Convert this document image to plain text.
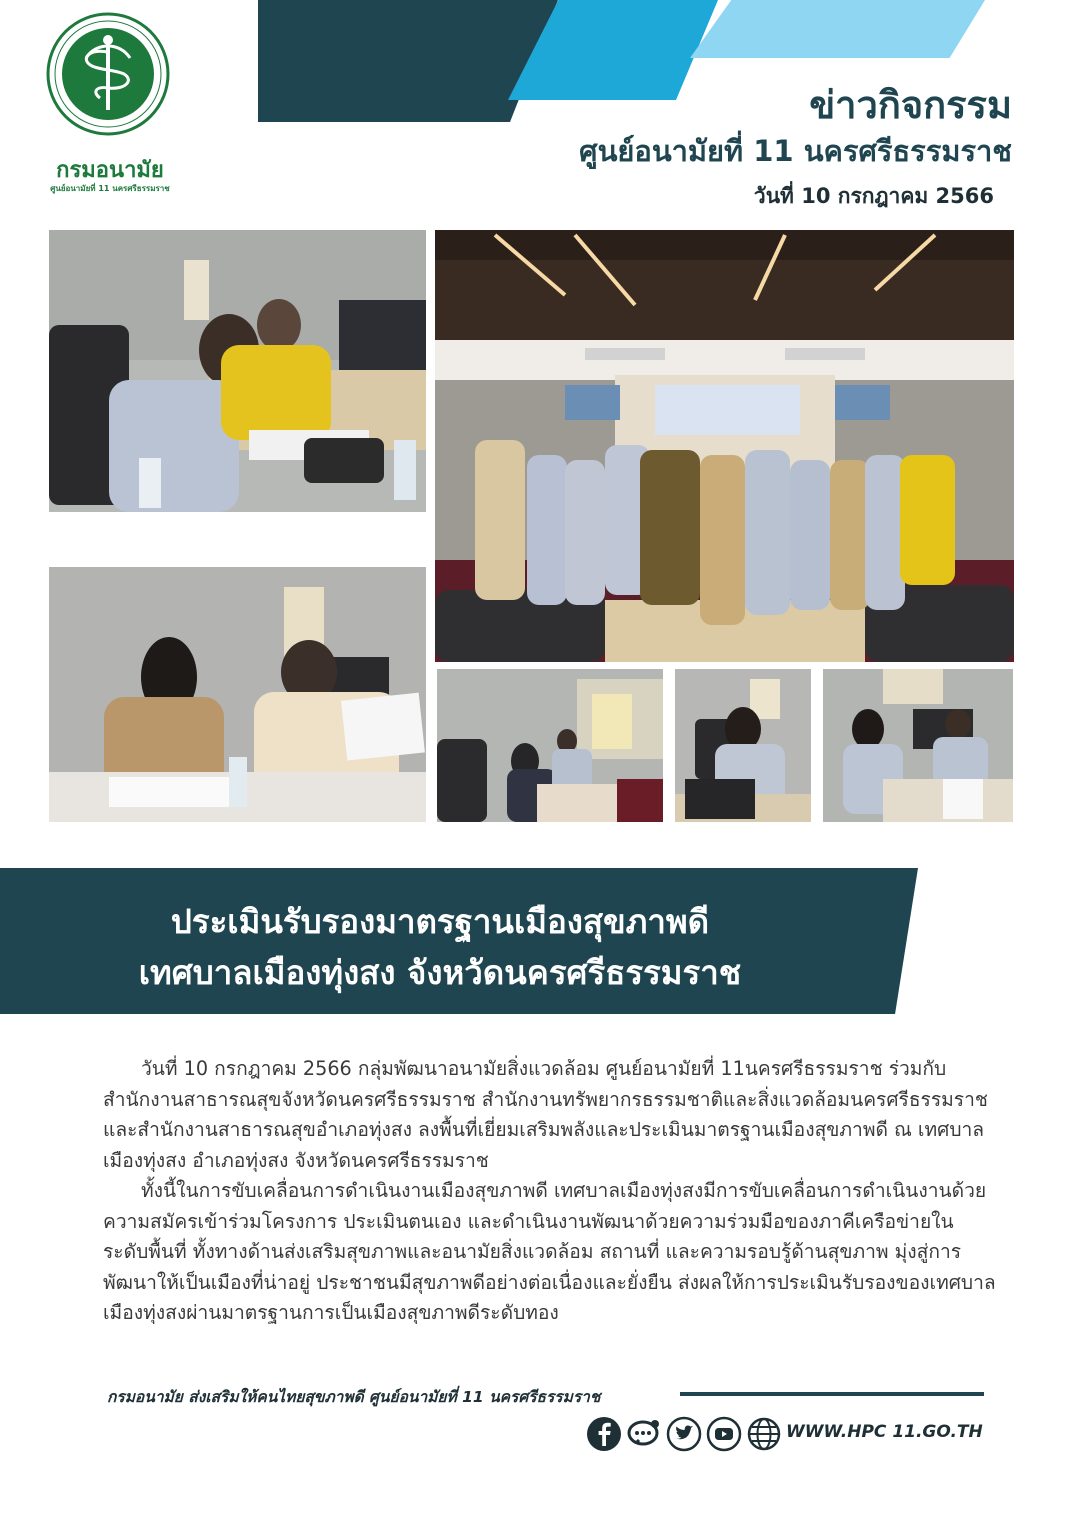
กรมอนามัย
ศูนย์อนามัยที่ 11 นครศรีธรรมราช
ข่าวกิจกรรม
ศูนย์อนามัยที่ 11 นครศรีธรรมราช
วันที่ 10 กรกฎาคม 2566
ประเมินรับรองมาตรฐานเมืองสุขภาพดี
เทศบาลเมืองทุ่งสง จังหวัดนครศรีธรรมราช

วันที่ 10 กรกฎาคม 2566 กลุ่มพัฒนาอนามัยสิ่งแวดล้อม ศูนย์อนามัยที่ 11นครศรีธรรมราช ร่วมกับสำนักงานสาธารณสุขจังหวัดนครศรีธรรมราช สำนักงานทรัพยากรธรรมชาติและสิ่งแวดล้อมนครศรีธรรมราช และสำนักงานสาธารณสุขอำเภอทุ่งสง ลงพื้นที่เยี่ยมเสริมพลังและประเมินมาตรฐานเมืองสุขภาพดี ณ เทศบาลเมืองทุ่งสง อำเภอทุ่งสง จังหวัดนครศรีธรรมราช

ทั้งนี้ในการขับเคลื่อนการดำเนินงานเมืองสุขภาพดี เทศบาลเมืองทุ่งสงมีการขับเคลื่อนการดำเนินงานด้วยความสมัครเข้าร่วมโครงการ ประเมินตนเอง และดำเนินงานพัฒนาด้วยความร่วมมือของภาคีเครือข่ายในระดับพื้นที่ ทั้งทางด้านส่งเสริมสุขภาพและอนามัยสิ่งแวดล้อม สถานที่ และความรอบรู้ด้านสุขภาพ มุ่งสู่การพัฒนาให้เป็นเมืองที่น่าอยู่ ประชาชนมีสุขภาพดีอย่างต่อเนื่องและยั่งยืน ส่งผลให้การประเมินรับรองของเทศบาลเมืองทุ่งสงผ่านมาตรฐานการเป็นเมืองสุขภาพดีระดับทอง

กรมอนามัย ส่งเสริมให้คนไทยสุขภาพดี ศูนย์อนามัยที่ 11 นครศรีธรรมราช
WWW.HPC 11.GO.TH
